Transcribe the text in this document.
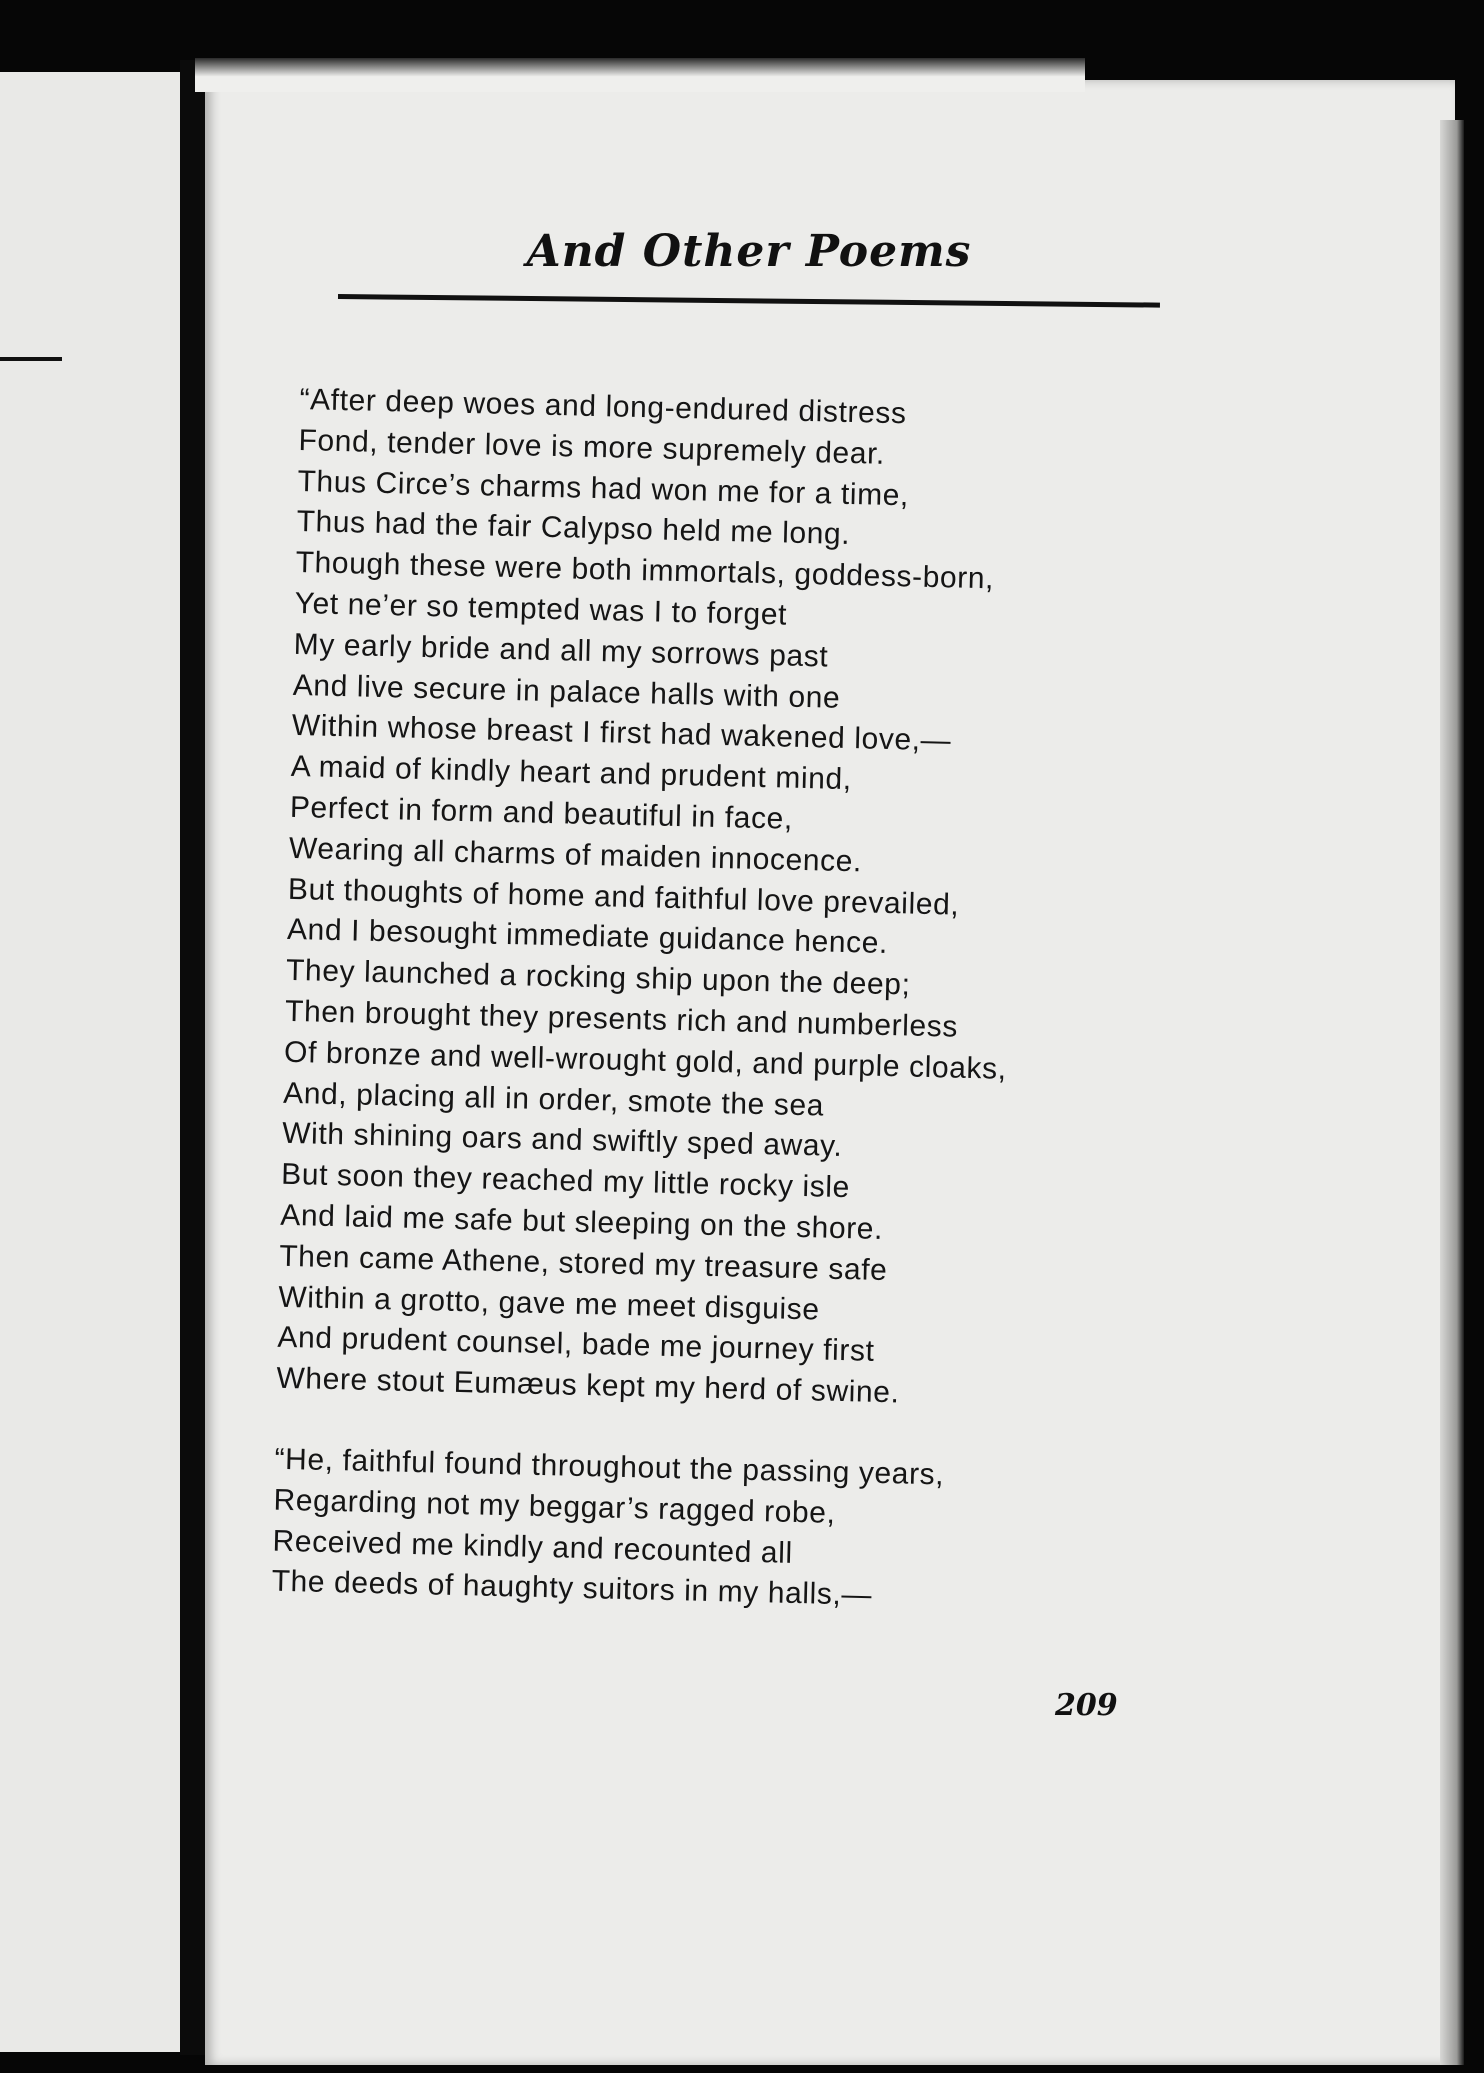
And Other Poems
“After deep woes and long-endured distress
Fond, tender love is more supremely dear.
Thus Circe’s charms had won me for a time,
Thus had the fair Calypso held me long.
Though these were both immortals, goddess-born,
Yet ne’er so tempted was I to forget
My early bride and all my sorrows past
And live secure in palace halls with one
Within whose breast I first had wakened love,—
A maid of kindly heart and prudent mind,
Perfect in form and beautiful in face,
Wearing all charms of maiden innocence.
But thoughts of home and faithful love prevailed,
And I besought immediate guidance hence.
They launched a rocking ship upon the deep;
Then brought they presents rich and numberless
Of bronze and well-wrought gold, and purple cloaks,
And, placing all in order, smote the sea
With shining oars and swiftly sped away.
But soon they reached my little rocky isle
And laid me safe but sleeping on the shore.
Then came Athene, stored my treasure safe
Within a grotto, gave me meet disguise
And prudent counsel, bade me journey first
Where stout Eumæus kept my herd of swine.
“He, faithful found throughout the passing years,
Regarding not my beggar’s ragged robe,
Received me kindly and recounted all
The deeds of haughty suitors in my halls,—
209
